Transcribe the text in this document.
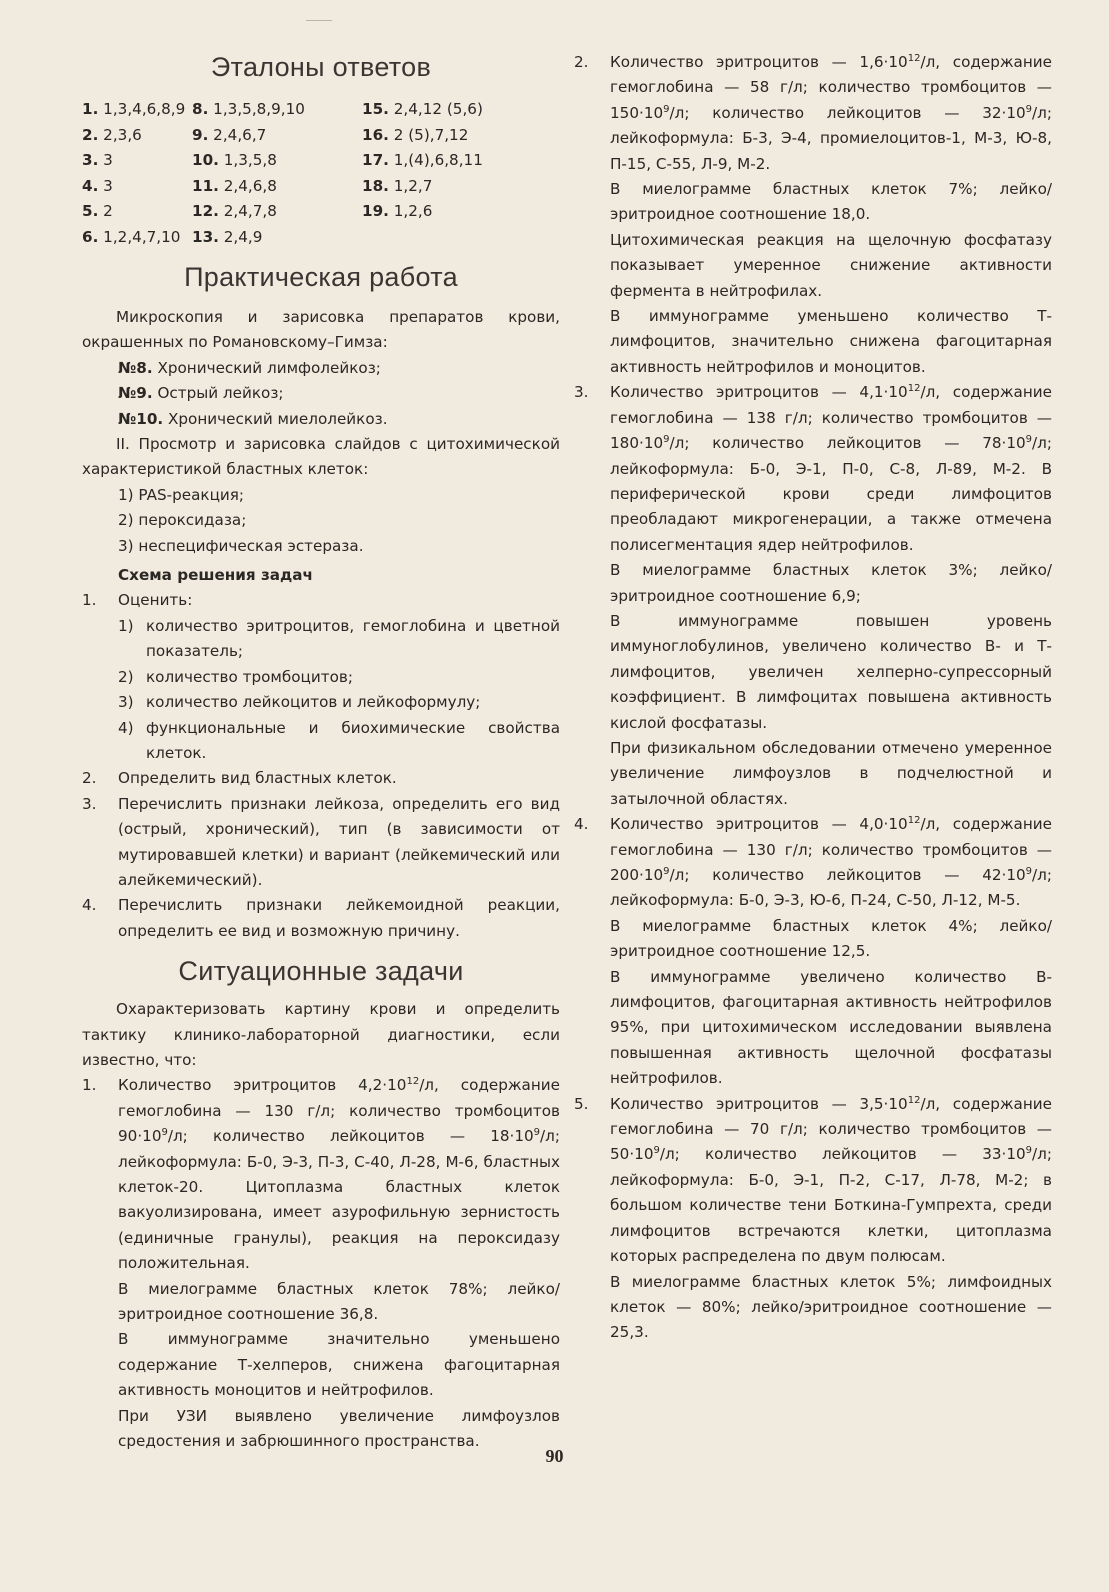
Эталоны ответов
1. 1,3,4,6,8,9 8. 1,3,5,8,9,10	15. 2,4,12 (5,6)
2. 2,3,6	9. 2,4,6,7	16. 2 (5),7,12
3. 3	10. 1,3,5,8	17. 1,(4),6,8,11
4. 3	11. 2,4,6,8	18. 1,2,7
5. 2	12. 2,4,7,8	19. 1,2,6
6. 1,2,4,7,10 13. 2,4,9
Практическая работа
Микроскопия и зарисовка препаратов крови, окрашенных по Романовскому–Гимза:
№8. Хронический лимфолейкоз;
№9. Острый лейкоз;
№10. Хронический миелолейкоз.
II. Просмотр и зарисовка слайдов с цитохимической характеристикой бластных клеток:
1) PAS-реакция;
2) пероксидаза;
3) неспецифическая эстераза.
Схема решения задач
1. Оценить:
1) количество эритроцитов, гемоглобина и цветной показатель;
2) количество тромбоцитов;
3) количество лейкоцитов и лейкоформулу;
4) функциональные и биохимические свойства клеток.
2. Определить вид бластных клеток.
3. Перечислить признаки лейкоза, определить его вид (острый, хронический), тип (в зависимости от мутировавшей клетки) и вариант (лейкемический или алейкемический).
4. Перечислить признаки лейкемоидной реакции, определить ее вид и возможную причину.
Ситуационные задачи
Охарактеризовать картину крови и определить тактику клинико-лабораторной диагностики, если известно, что:
1. Количество эритроцитов $4,2\cdot 10^{12}/л$, содержание гемоглобина — 130 г/л; количество тромбоцитов $90\cdot 10^9/л$; количество лейкоцитов — $18\cdot 10^9/л$; лейкоформула: Б-0, Э-3, П-3, С-40, Л-28, М-6, бластных клеток-20. Цитоплазма бластных клеток вакуолизирована, имеет азурофильную зернистость (единичные гранулы), реакция на пероксидазу положительная.

В миелограмме бластных клеток 78%; лейко/эритроидное соотношение 36,8.

В иммунограмме значительно уменьшено содержание Т-хелперов, снижена фагоцитарная активность моноцитов и нейтрофилов.

При УЗИ выявлено увеличение лимфоузлов средостения и забрюшинного пространства.

2. Количество эритроцитов — $1,6\cdot 10^{12}/л$, содержание гемоглобина — 58 г/л; количество тромбоцитов — $150\cdot 10^9/л$; количество лейкоцитов — $32\cdot 10^9/л$; лейкоформула: Б-3, Э-4, промиелоцитов-1, М-3, Ю-8, П-15, С-55, Л-9, М-2.

В миелограмме бластных клеток 7%; лейко/эритроидное соотношение 18,0.

Цитохимическая реакция на щелочную фосфатазу показывает умеренное снижение активности фермента в нейтрофилах.

В иммунограмме уменьшено количество Т-лимфоцитов, значительно снижена фагоцитарная активность нейтрофилов и моноцитов.

3. Количество эритроцитов — $4,1\cdot 10^{12}/л$, содержание гемоглобина — 138 г/л; количество тромбоцитов — $180\cdot 10^9/л$; количество лейкоцитов — $78\cdot 10^9/л$; лейкоформула: Б-0, Э-1, П-0, С-8, Л-89, М-2. В периферической крови среди лимфоцитов преобладают микрогенерации, а также отмечена полисегментация ядер нейтрофилов.

В миелограмме бластных клеток 3%; лейко/эритроидное соотношение 6,9;

В иммунограмме повышен уровень иммуноглобулинов, увеличено количество В- и Т-лимфоцитов, увеличен хелперно-супрессорный коэффициент. В лимфоцитах повышена активность кислой фосфатазы.

При физикальном обследовании отмечено умеренное увеличение лимфоузлов в подчелюстной и затылочной областях.

4. Количество эритроцитов — $4,0\cdot 10^{12}/л$, содержание гемоглобина — 130 г/л; количество тромбоцитов — $200\cdot 10^9/л$; количество лейкоцитов — $42\cdot 10^9/л$; лейкоформула: Б-0, Э-3, Ю-6, П-24, С-50, Л-12, М-5.

В миелограмме бластных клеток 4%; лейко/эритроидное соотношение 12,5.

В иммунограмме увеличено количество В-лимфоцитов, фагоцитарная активность нейтрофилов 95%, при цитохимическом исследовании выявлена повышенная активность щелочной фосфатазы нейтрофилов.

5. Количество эритроцитов — $3,5\cdot 10^{12}/л$, содержание гемоглобина — 70 г/л; количество тромбоцитов — $50\cdot 10^9/л$; количество лейкоцитов — $33\cdot 10^9/л$; лейкоформула: Б-0, Э-1, П-2, С-17, Л-78, М-2; в большом количестве тени Боткина-Гумпрехта, среди лимфоцитов встречаются клетки, цитоплазма которых распределена по двум полюсам.

В миелограмме бластных клеток 5%; лимфоидных клеток — 80%; лейко/эритроидное соотношение — 25,3.

90
